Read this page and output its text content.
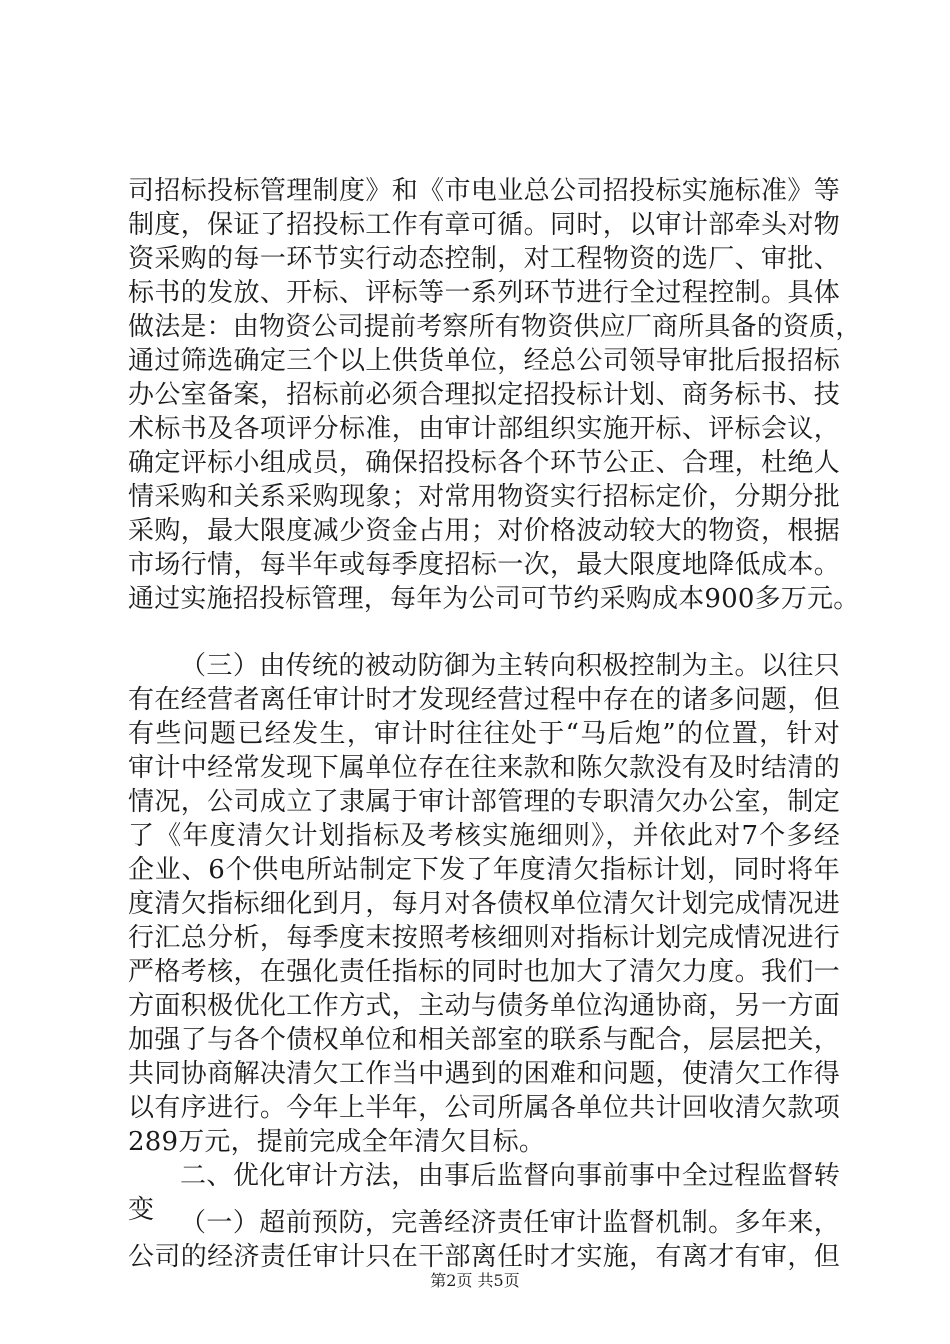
司招标投标管理制度》和《市电业总公司招投标实施标准》等
制度，保证了招投标工作有章可循。同时，以审计部牵头对物
资采购的每一环节实行动态控制，对工程物资的选厂、审批、
标书的发放、开标、评标等一系列环节进行全过程控制。具体
做法是：由物资公司提前考察所有物资供应厂商所具备的资质，
通过筛选确定三个以上供货单位，经总公司领导审批后报招标
办公室备案，招标前必须合理拟定招投标计划、商务标书、技
术标书及各项评分标准，由审计部组织实施开标、评标会议，
确定评标小组成员，确保招投标各个环节公正、合理，杜绝人
情采购和关系采购现象；对常用物资实行招标定价，分期分批
采购，最大限度减少资金占用；对价格波动较大的物资，根据
市场行情，每半年或每季度招标一次，最大限度地降低成本。
通过实施招投标管理，每年为公司可节约采购成本900多万元。
（三）由传统的被动防御为主转向积极控制为主。以往只
有在经营者离任审计时才发现经营过程中存在的诸多问题，但
有些问题已经发生，审计时往往处于“马后炮”的位置，针对
审计中经常发现下属单位存在往来款和陈欠款没有及时结清的
情况，公司成立了隶属于审计部管理的专职清欠办公室，制定
了《年度清欠计划指标及考核实施细则》，并依此对7个多经
企业、6个供电所站制定下发了年度清欠指标计划，同时将年
度清欠指标细化到月，每月对各债权单位清欠计划完成情况进
行汇总分析，每季度末按照考核细则对指标计划完成情况进行
严格考核，在强化责任指标的同时也加大了清欠力度。我们一
方面积极优化工作方式，主动与债务单位沟通协商，另一方面
加强了与各个债权单位和相关部室的联系与配合，层层把关，
共同协商解决清欠工作当中遇到的困难和问题，使清欠工作得
以有序进行。今年上半年，公司所属各单位共计回收清欠款项
289万元，提前完成全年清欠目标。
二、优化审计方法，由事后监督向事前事中全过程监督转
变 （一）超前预防，完善经济责任审计监督机制。多年来，
第2页 共5页
公司的经济责任审计只在干部离任时才实施，有离才有审，但
